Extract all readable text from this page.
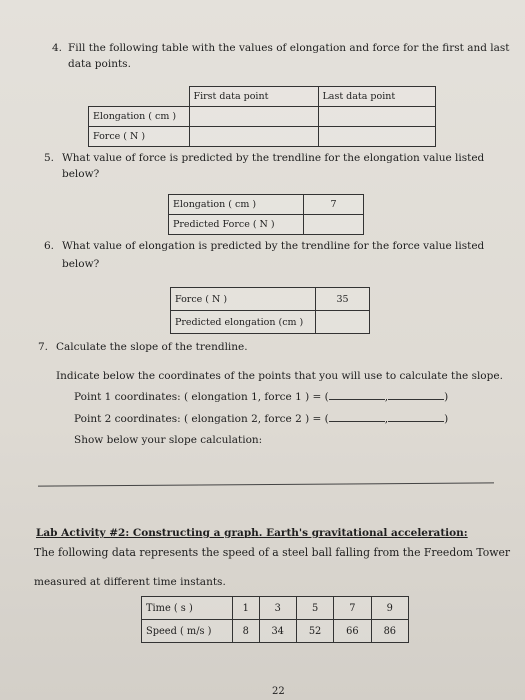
4. Fill the following table with the values of elongation and force for the first and last
data points.
	First data point	Last data point
Elongation ( cm )		
Force ( N )		
5. What value of force is predicted by the trendline for the elongation value listed
below?
Elongation ( cm )	7
Predicted Force ( N )	
6. What value of elongation is predicted by the trendline for the force value listed
below?
Force ( N )	35
Predicted elongation (cm )	
7. Calculate the slope of the trendline.
Indicate below the coordinates of the points that you will use to calculate the slope.
Point 1 coordinates: ( elongation 1, force 1 ) = (	,	)
Point 2 coordinates: ( elongation 2, force 2 ) = (	,	)
Show below your slope calculation:
Lab Activity #2: Constructing a graph. Earth's gravitational acceleration:
The following data represents the speed of a steel ball falling from the Freedom Tower
measured at different time instants.
Time ( s )	1	3	5	7	9
Speed ( m/s )	8	34	52	66	86
22
